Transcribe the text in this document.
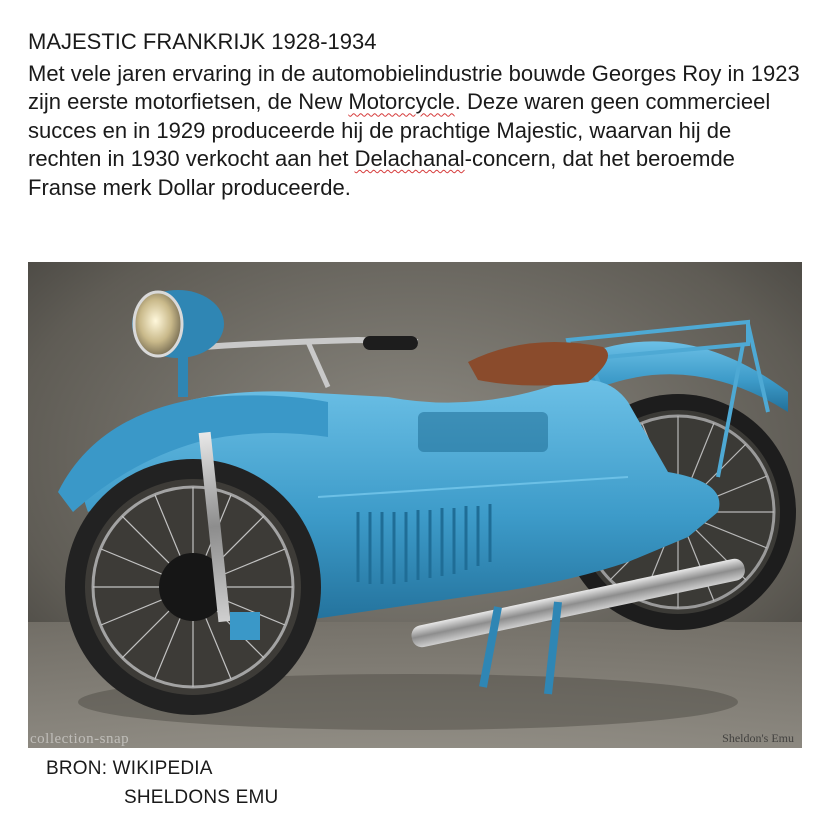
MAJESTIC FRANKRIJK 1928-1934

Met vele jaren ervaring in de automobielindustrie bouwde Georges Roy in 1923 zijn eerste motorfietsen, de New Motorcycle. Deze waren geen commercieel succes en in 1929 produceerde hij de prachtige Majestic, waarvan hij de rechten in 1930 verkocht aan het Delachanal-concern, dat het beroemde Franse merk Dollar produceerde.

collection-snap	Sheldon's Emu
BRON: WIKIPEDIA
SHELDONS EMU
